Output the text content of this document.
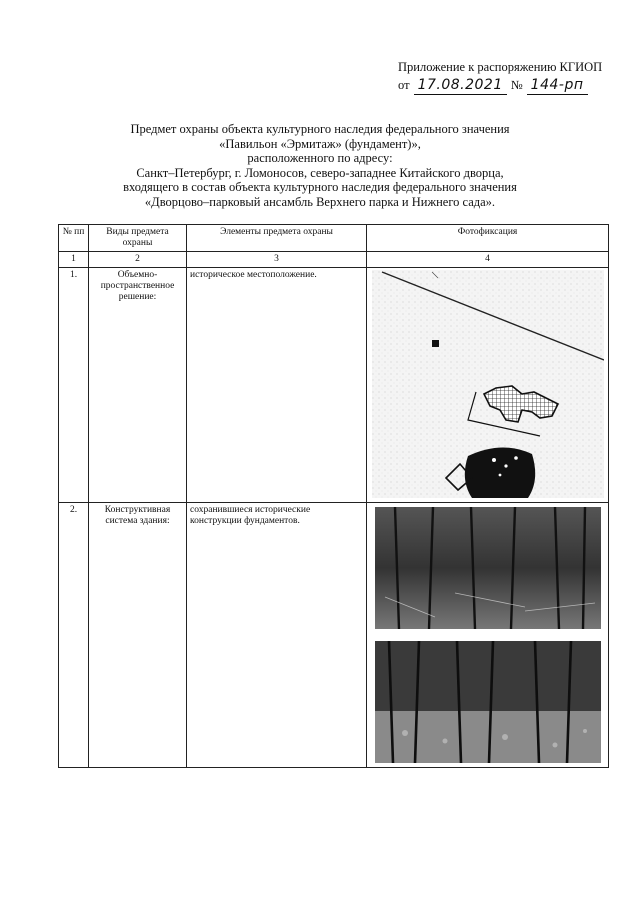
Приложение к распоряжению КГИОП
от 17.08.2021 № 144-рп
Предмет охраны объекта культурного наследия федерального значения
«Павильон «Эрмитаж» (фундамент)»,
расположенного по адресу:
Санкт–Петербург, г. Ломоносов, северо-западнее Китайского дворца,
входящего в состав объекта культурного наследия федерального значения
«Дворцово–парковый ансамбль Верхнего парка и Нижнего сада».
№ пп	Виды предмета охраны	Элементы предмета охраны	Фотофиксация
1	2	3	4
1.	Объемно-пространственное решение:	историческое местоположение.	

2.	Конструктивная система здания:	сохранившиеся исторические конструкции фундаментов.	
